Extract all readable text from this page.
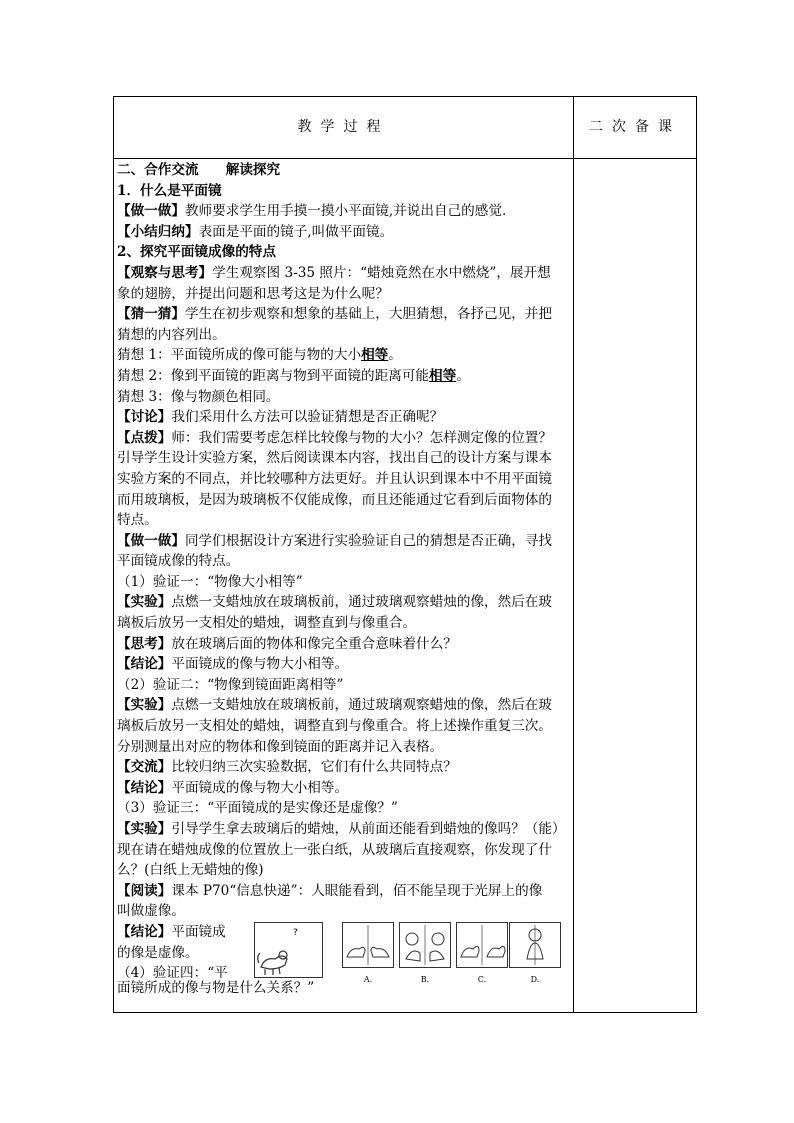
教学过程	二次备课

二、合作交流　　解读探究

1．什么是平面镜

【做一做】教师要求学生用手摸一摸小平面镜,并说出自己的感觉.

【小结归纳】表面是平面的镜子,叫做平面镜。

2、探究平面镜成像的特点

【观察与思考】学生观察图 3-35 照片：“蜡烛竟然在水中燃烧”，展开想

象的翅膀，并提出问题和思考这是为什么呢？

【猜一猜】学生在初步观察和想象的基础上，大胆猜想，各抒己见，并把

猜想的内容列出。

猜想 1：平面镜所成的像可能与物的大小相等。

猜想 2：像到平面镜的距离与物到平面镜的距离可能相等。

猜想 3：像与物颜色相同。

【讨论】我们采用什么方法可以验证猜想是否正确呢？

【点拨】师：我们需要考虑怎样比较像与物的大小？怎样测定像的位置？

引导学生设计实验方案，然后阅读课本内容，找出自己的设计方案与课本

实验方案的不同点，并比较哪种方法更好。并且认识到课本中不用平面镜

而用玻璃板，是因为玻璃板不仅能成像，而且还能通过它看到后面物体的

特点。

【做一做】同学们根据设计方案进行实验验证自己的猜想是否正确，寻找

平面镜成像的特点。

（1）验证一：“物像大小相等”

【实验】点燃一支蜡烛放在玻璃板前，通过玻璃观察蜡烛的像，然后在玻

璃板后放另一支相处的蜡烛，调整直到与像重合。

【思考】放在玻璃后面的物体和像完全重合意味着什么？

【结论】平面镜成的像与物大小相等。

（2）验证二：“物像到镜面距离相等”

【实验】点燃一支蜡烛放在玻璃板前，通过玻璃观察蜡烛的像，然后在玻

璃板后放另一支相处的蜡烛，调整直到与像重合。将上述操作重复三次。

分别测量出对应的物体和像到镜面的距离并记入表格。

【交流】比较归纳三次实验数据，它们有什么共同特点？

【结论】平面镜成的像与物大小相等。

（3）验证三：“平面镜成的是实像还是虚像？”

【实验】引导学生拿去玻璃后的蜡烛，从前面还能看到蜡烛的像吗？（能）

现在请在蜡烛成像的位置放上一张白纸，从玻璃后直接观察，你发现了什

么？(白纸上无蜡烛的像)

【阅读】课本 P70“信息快递”：人眼能看到，佰不能呈现于光屏上的像

叫做虚像。

【结论】平面镜成

的像是虚像。

（4）验证四：“平

?
A.	B.	C.	D.

面镜所成的像与物是什么关系？”
